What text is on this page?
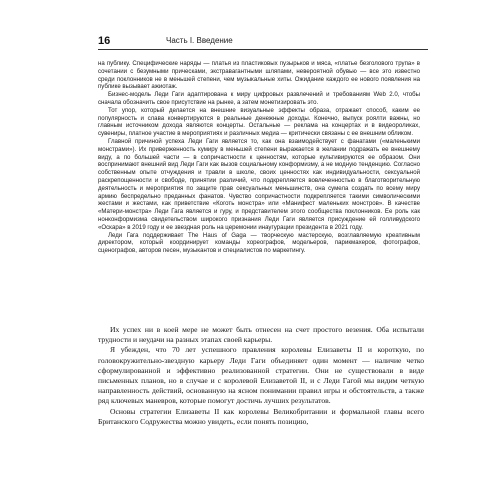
16	Часть I. Введение

на публику. Специфические наряды — платья из пластиковых пузырьков и мяса, «платье безголового трупа» в сочетании с безумными прическами, экстравагантными шляпами, невероятной обувью — все это известно среди поклонников не в меньшей степени, чем музыкальные хиты. Ожидание каждого ее нового появления на публике вызывает ажиотаж.

Бизнес-модель Леди Гаги адаптирована к миру цифровых развлечений и требованиям Web 2.0, чтобы сначала обозначить свое присутствие на рынке, а затем монетизировать это.

Тот упор, который делается на внешние визуальные эффекты образа, отражает способ, каким ее популярность и слава конвертируются в реальные денежные доходы. Конечно, выпуск роялти важны, но главным источником дохода являются концерты. Остальные — реклама на концертах и в видеороликах, сувениры, платное участие в мероприятиях и различных медиа — критически связаны с ее внешним обликом.

Главной причиной успеха Леди Гаги является то, как она взаимодействует с фанатами («маленькими монстрами»). Их приверженность кумиру в меньшей степени выражается в желании подражать ее внешнему виду, а по большей части — в сопричастности к ценностям, которые культивируются ее образом. Они воспринимают внешний вид Леди Гаги как вызов социальному конформизму, а не модную тенденцию. Согласно собственным опыте отчуждения и травли в школе, своих ценностях как индивидуальности, сексуальной раскрепощенности и свободе, принятии различий, что подкрепляется вовлеченностью в благотворительную деятельность и мероприятия по защите прав сексуальных меньшинств, она сумела создать по всему миру армию беспредельно преданных фанатов. Чувство сопричастности подкрепляется такими символическими жестами и жестами, как приветствие «Коготь монстра» или «Манифест маленьких монстров». В качестве «Матери-монстра» Леди Гага является и гуру, и представителем этого сообщества поклонников. Ее роль как нонконформизма свидетельством широкого признания Леди Гаги является присуждение ей голливудского «Оскара» в 2019 году и ее звездная роль на церемонии инаугурации президента в 2021 году.

Леди Гага поддерживает The Haus of Gaga — творческую мастерскую, возглавляемую креативным директором, который координирует команды хореографов, модельеров, парикмахеров, фотографов, сценографов, авторов песен, музыкантов и специалистов по маркетингу.

Их успех ни в коей мере не может быть отнесен на счет простого везения. Оба испытали трудности и неудачи на разных этапах своей карьеры.

Я убежден, что 70 лет успешного правления королевы Елизаветы II и короткую, по головокружительно-звездную карьеру Леди Гаги объединяет один момент — наличие четко сформулированной и эффективно реализованной стратегии. Они не существовали в виде письменных планов, но в случае и с королевой Елизаветой II, и с Леди Гагой мы видим четкую направленность действий, основанную на ясном понимании правил игры и обстоятельств, а также ряд ключевых маневров, которые помогут достичь лучших результатов.

Основы стратегии Елизаветы II как королевы Великобритании и формальной главы всего Британского Содружества можно увидеть, если понять позицию,
